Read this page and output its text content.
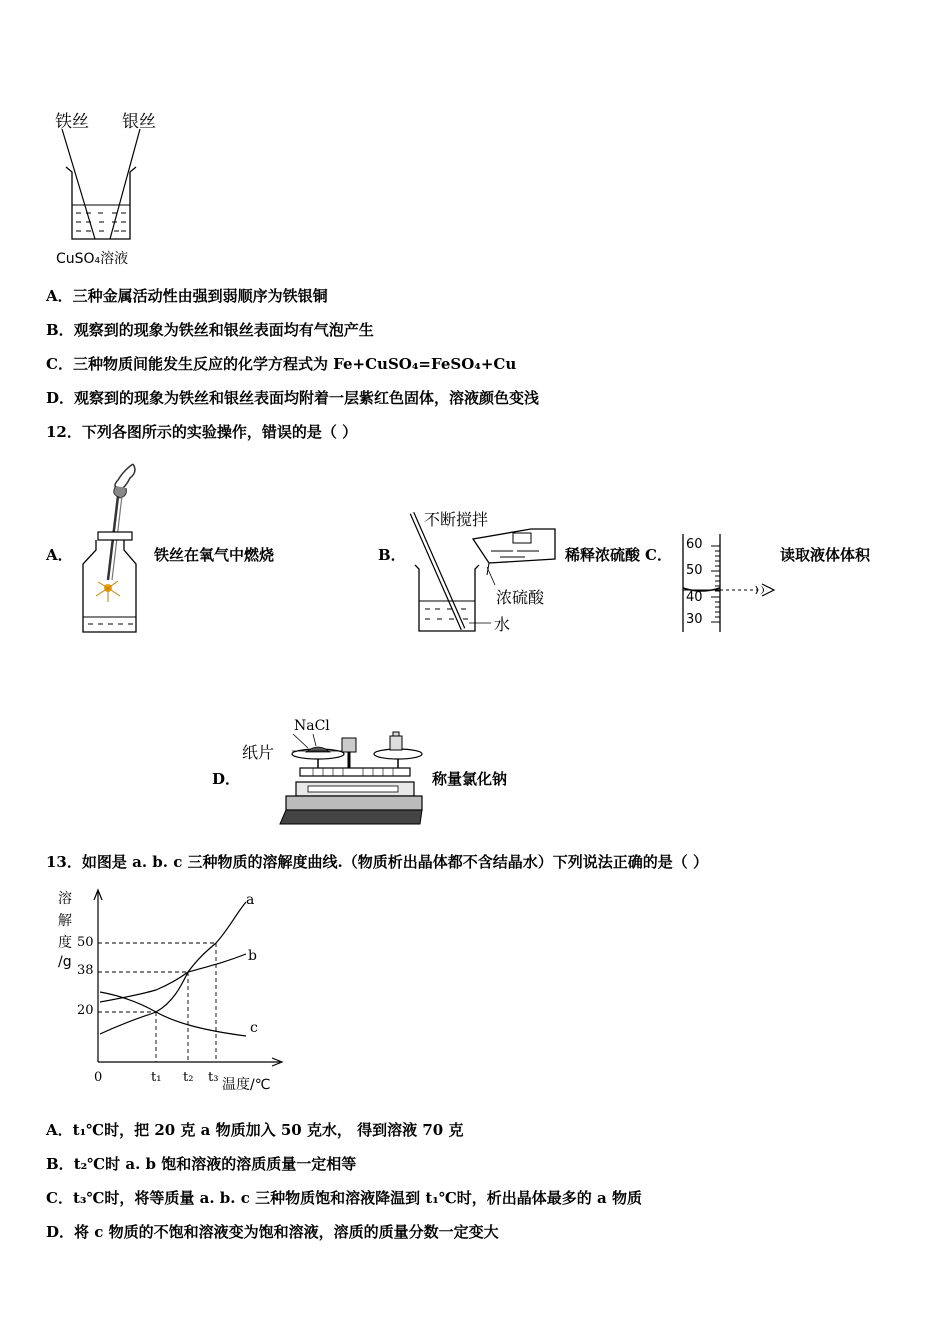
铁丝 银丝
CuSO₄溶液
A．三种金属活动性由强到弱顺序为铁银铜
B．观察到的现象为铁丝和银丝表面均有气泡产生
C．三种物质间能发生反应的化学方程式为 Fe+CuSO₄=FeSO₄+Cu
D．观察到的现象为铁丝和银丝表面均附着一层紫红色固体，溶液颜色变浅
12．下列各图所示的实验操作，错误的是（ ）
A．	铁丝在氧气中燃烧	B．
不断搅拌
浓硫酸
水
稀释浓硫酸 C．
60
50
40
30
读取液体体积
D．
NaCl
纸片
称量氯化钠
13．如图是 a. b. c 三种物质的溶解度曲线.（物质析出晶体都不含结晶水）下列说法正确的是（ ）
溶
解
度
/g
50
38
20
0	t₁ t₂ t₃ 温度/℃
a
b
c
A．t₁℃时，把 20 克 a 物质加入 50 克水， 得到溶液 70 克
B．t₂℃时 a. b 饱和溶液的溶质质量一定相等
C．t₃℃时，将等质量 a. b. c 三种物质饱和溶液降温到 t₁℃时，析出晶体最多的 a 物质
D．将 c 物质的不饱和溶液变为饱和溶液，溶质的质量分数一定变大
